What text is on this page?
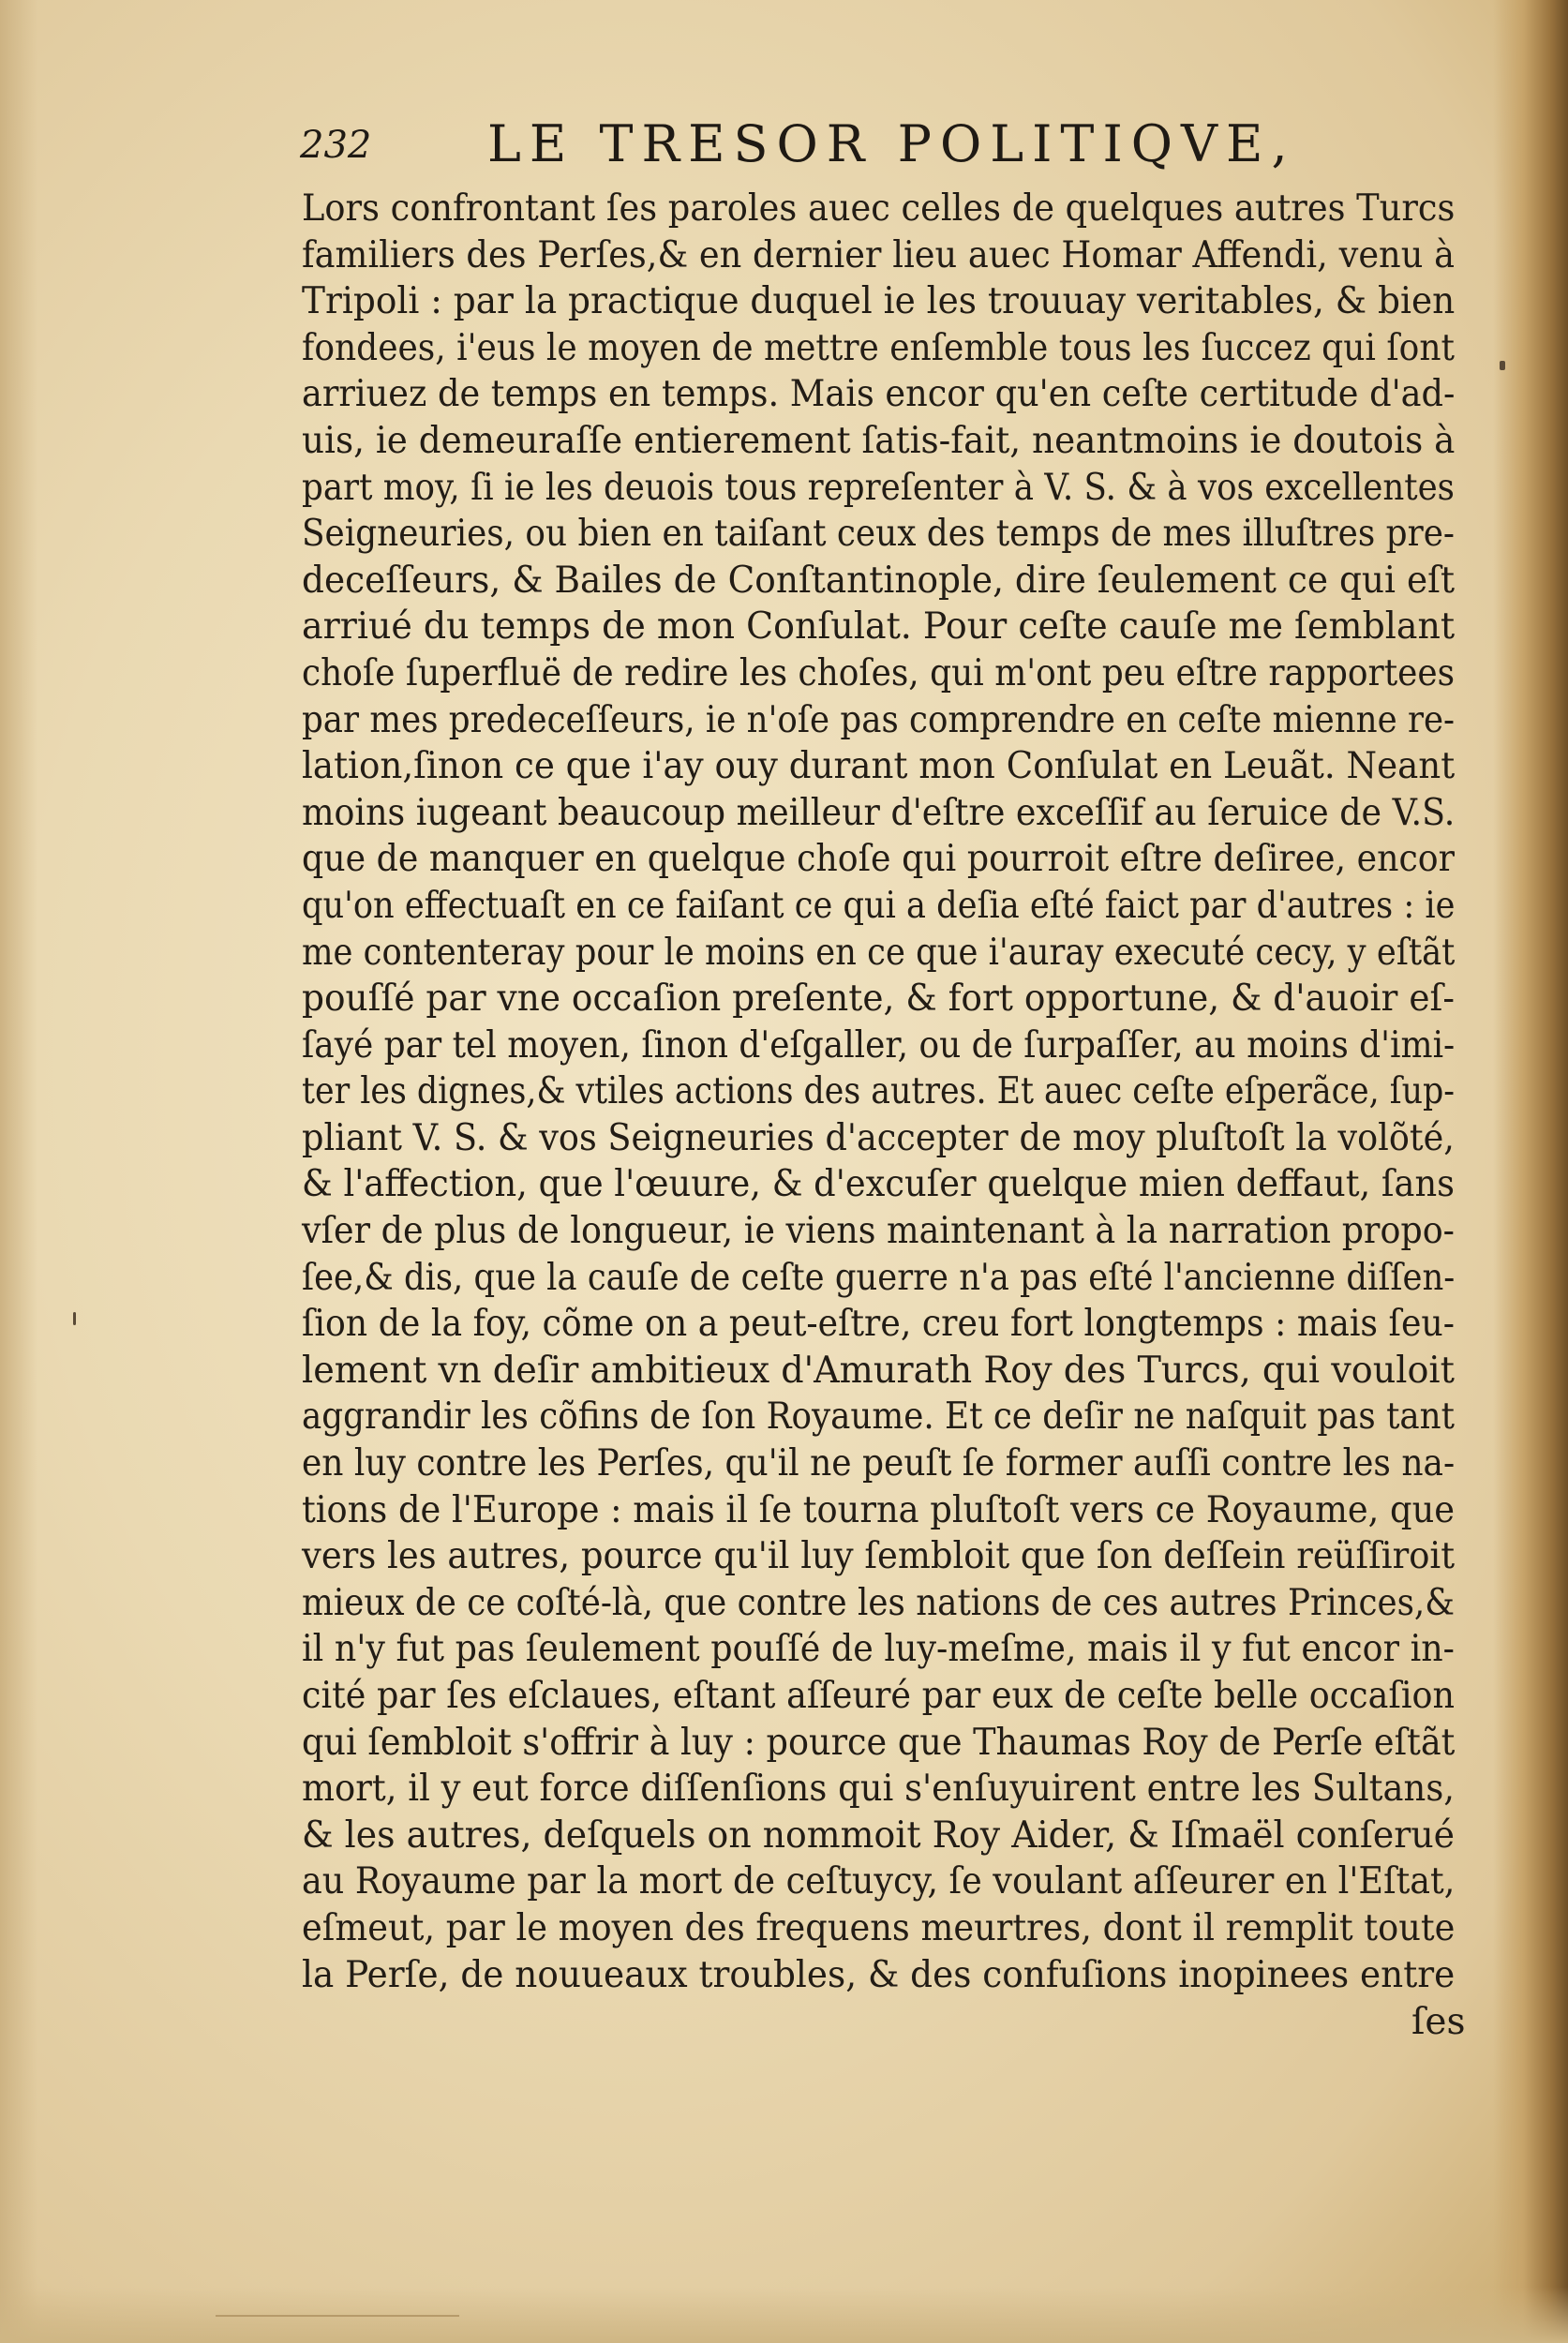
232 LE TRESOR POLITIQVE,
Lors confrontant ſes paroles auec celles de quelques autres Turcs
familiers des Perſes,& en dernier lieu auec Homar Affendi, venu à
Tripoli : par la practique duquel ie les trouuay veritables, & bien
fondees, i'eus le moyen de mettre enſemble tous les ſuccez qui ſont
arriuez de temps en temps. Mais encor qu'en ceſte certitude d'ad-
uis, ie demeuraſſe entierement ſatis-fait, neantmoins ie doutois à
part moy, ſi ie les deuois tous repreſenter à V. S. & à vos excellentes
Seigneuries, ou bien en taiſant ceux des temps de mes illuſtres pre-
deceſſeurs, & Bailes de Conſtantinople, dire ſeulement ce qui eſt
arriué du temps de mon Conſulat. Pour ceſte cauſe me ſemblant
choſe ſuperfluë de redire les choſes, qui m'ont peu eſtre rapportees
par mes predeceſſeurs, ie n'oſe pas comprendre en ceſte mienne re-
lation,ſinon ce que i'ay ouy durant mon Conſulat en Leuãt. Neant
moins iugeant beaucoup meilleur d'eſtre exceſſif au ſeruice de V.S.
que de manquer en quelque choſe qui pourroit eſtre deſiree, encor
qu'on effectuaſt en ce faiſant ce qui a deſia eſté faict par d'autres : ie
me contenteray pour le moins en ce que i'auray executé cecy, y eſtãt
pouſſé par vne occaſion preſente, & fort opportune, & d'auoir eſ-
ſayé par tel moyen, ſinon d'eſgaller, ou de ſurpaſſer, au moins d'imi-
ter les dignes,& vtiles actions des autres. Et auec ceſte eſperãce, ſup-
pliant V. S. & vos Seigneuries d'accepter de moy pluſtoſt la volõté,
& l'affection, que l'œuure, & d'excuſer quelque mien deffaut, ſans
vſer de plus de longueur, ie viens maintenant à la narration propo-
ſee,& dis, que la cauſe de ceſte guerre n'a pas eſté l'ancienne diſſen-
ſion de la foy, cõme on a peut-eſtre, creu fort longtemps : mais ſeu-
lement vn deſir ambitieux d'Amurath Roy des Turcs, qui vouloit
aggrandir les cõfins de ſon Royaume. Et ce deſir ne naſquit pas tant
en luy contre les Perſes, qu'il ne peuſt ſe former auſſi contre les na-
tions de l'Europe : mais il ſe tourna pluſtoſt vers ce Royaume, que
vers les autres, pource qu'il luy ſembloit que ſon deſſein reüſſiroit
mieux de ce coſté-là, que contre les nations de ces autres Princes,&
il n'y fut pas ſeulement pouſſé de luy-meſme, mais il y fut encor in-
cité par ſes eſclaues, eſtant aſſeuré par eux de ceſte belle occaſion
qui ſembloit s'offrir à luy : pource que Thaumas Roy de Perſe eſtãt
mort, il y eut force diſſenſions qui s'enſuyuirent entre les Sultans,
& les autres, deſquels on nommoit Roy Aider, & Iſmaël conſerué
au Royaume par la mort de ceſtuycy, ſe voulant aſſeurer en l'Eſtat,
eſmeut, par le moyen des frequens meurtres, dont il remplit toute
la Perſe, de nouueaux troubles, & des confuſions inopinees entre
ſes
